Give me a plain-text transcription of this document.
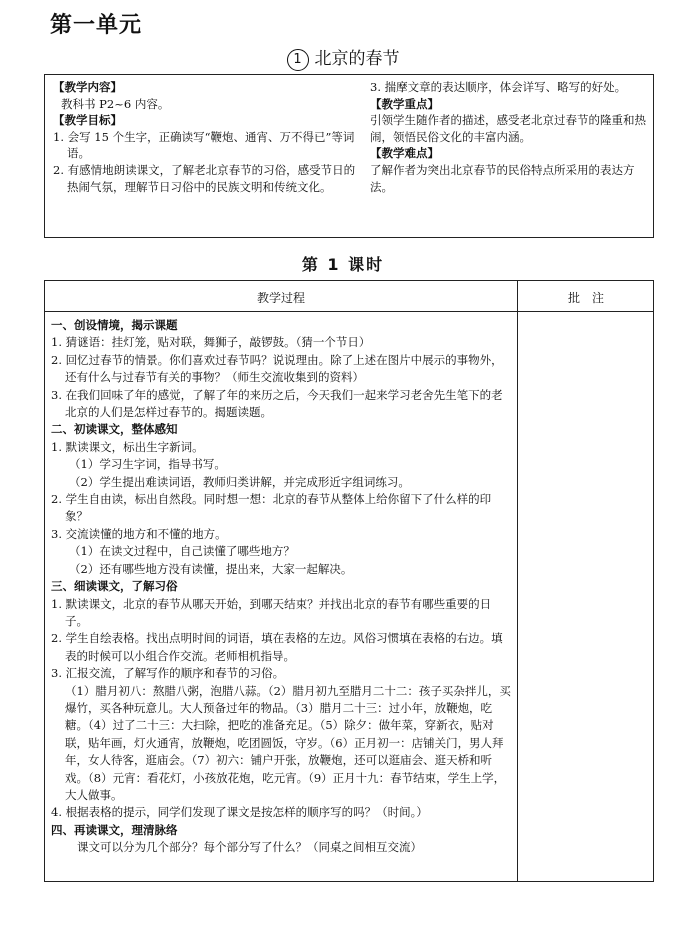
第一单元
1 北京的春节
【教学内容】
教科书 P2~6 内容。
【教学目标】
1. 会写 15 个生字，正确读写“鞭炮、通宵、万不得已”等词语。
2. 有感情地朗读课文，了解老北京春节的习俗，感受节日的热闹气氛，理解节日习俗中的民族文明和传统文化。
3. 揣摩文章的表达顺序，体会详写、略写的好处。
【教学重点】
引领学生随作者的描述，感受老北京过春节的隆重和热闹，领悟民俗文化的丰富内涵。
【教学难点】
了解作者为突出北京春节的民俗特点所采用的表达方法。
第 1 课时
教学过程	批　注
一、创设情境，揭示课题
1. 猜谜语：挂灯笼，贴对联，舞狮子，敲锣鼓。（猜一个节日）
2. 回忆过春节的情景。你们喜欢过春节吗？说说理由。除了上述在图片中展示的事物外，还有什么与过春节有关的事物？（师生交流收集到的资料）
3. 在我们回味了年的感觉，了解了年的来历之后，今天我们一起来学习老舍先生笔下的老北京的人们是怎样过春节的。揭题读题。
二、初读课文，整体感知
1. 默读课文，标出生字新词。
（1）学习生字词，指导书写。
（2）学生提出难读词语，教师归类讲解，并完成形近字组词练习。
2. 学生自由读，标出自然段。同时想一想：北京的春节从整体上给你留下了什么样的印象？
3. 交流读懂的地方和不懂的地方。
（1）在读文过程中，自己读懂了哪些地方？
（2）还有哪些地方没有读懂，提出来，大家一起解决。
三、细读课文，了解习俗
1. 默读课文，北京的春节从哪天开始，到哪天结束？并找出北京的春节有哪些重要的日子。
2. 学生自绘表格。找出点明时间的词语，填在表格的左边。风俗习惯填在表格的右边。填表的时候可以小组合作交流。老师相机指导。
3. 汇报交流，了解写作的顺序和春节的习俗。
（1）腊月初八：熬腊八粥，泡腊八蒜。（2）腊月初九至腊月二十二：孩子买杂拌儿，买爆竹，买各种玩意儿。大人预备过年的物品。（3）腊月二十三：过小年，放鞭炮，吃糖。（4）过了二十三：大扫除，把吃的准备充足。（5）除夕：做年菜，穿新衣，贴对联，贴年画，灯火通宵，放鞭炮，吃团圆饭，守岁。（6）正月初一：店铺关门，男人拜年，女人待客，逛庙会。（7）初六：铺户开张，放鞭炮，还可以逛庙会、逛天桥和听戏。（8）元宵：看花灯，小孩放花炮，吃元宵。（9）正月十九：春节结束，学生上学，大人做事。
4. 根据表格的提示，同学们发现了课文是按怎样的顺序写的吗？（时间。）
四、再读课文，理清脉络
课文可以分为几个部分？每个部分写了什么？（同桌之间相互交流）
